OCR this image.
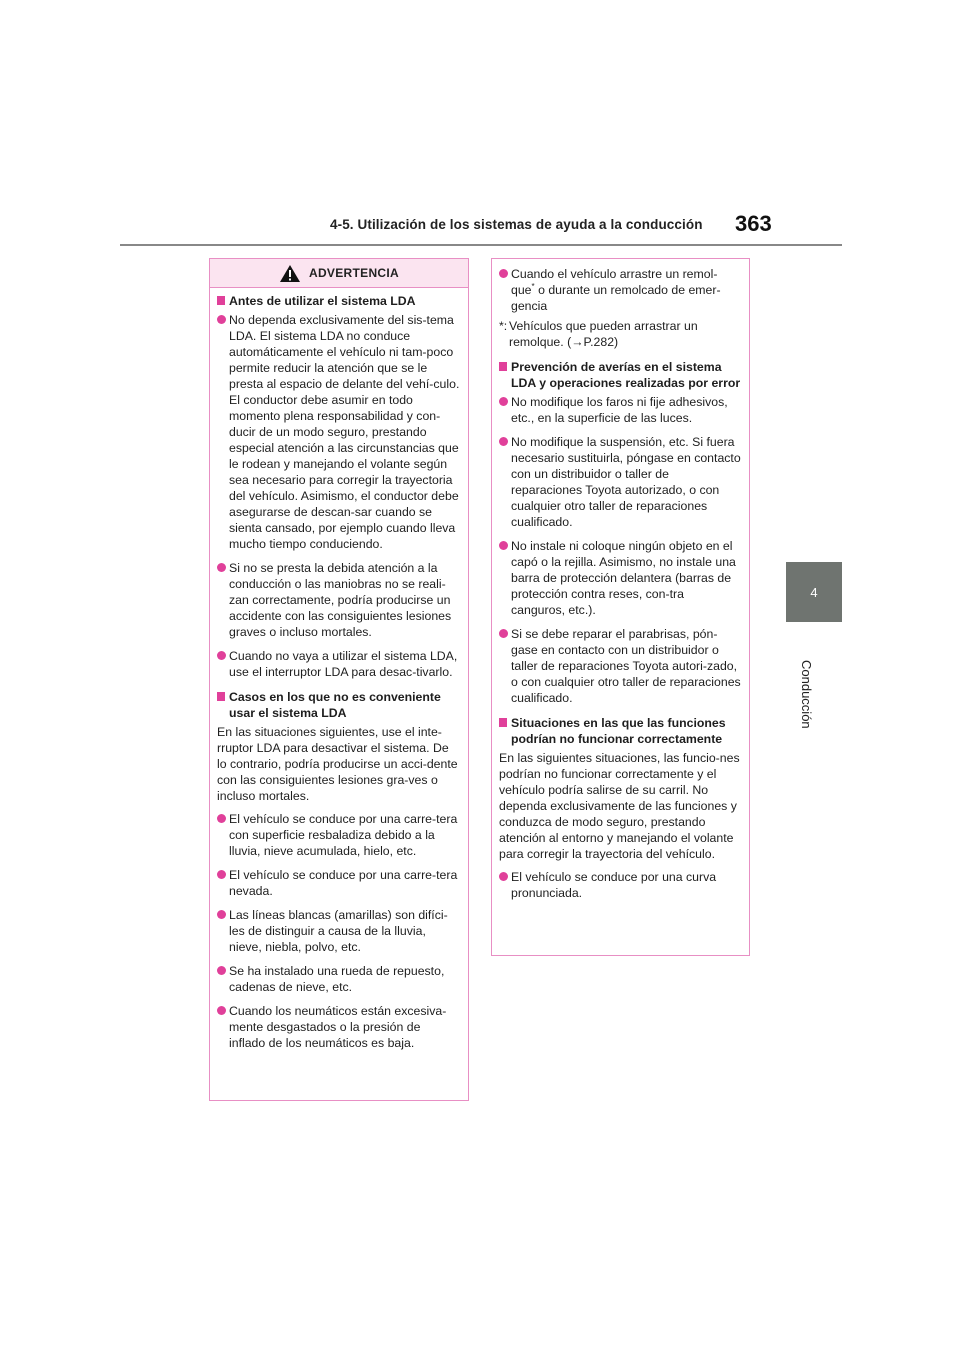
4-5. Utilización de los sistemas de ayuda a la conducción 363
4
Conducción
ADVERTENCIA
Antes de utilizar el sistema LDA
No dependa exclusivamente del sis-tema LDA. El sistema LDA no conduce automáticamente el vehículo ni tam-poco permite reducir la atención que se le presta al espacio de delante del vehí-culo. El conductor debe asumir en todo momento plena responsabilidad y con-ducir de un modo seguro, prestando especial atención a las circunstancias que le rodean y manejando el volante según sea necesario para corregir la trayectoria del vehículo. Asimismo, el conductor debe asegurarse de descan-sar cuando se sienta cansado, por ejemplo cuando lleva mucho tiempo conduciendo.
Si no se presta la debida atención a la conducción o las maniobras no se reali-zan correctamente, podría producirse un accidente con las consiguientes lesiones graves o incluso mortales.
Cuando no vaya a utilizar el sistema LDA, use el interruptor LDA para desac-tivarlo.
Casos en los que no es conveniente usar el sistema LDA
En las situaciones siguientes, use el inte-rruptor LDA para desactivar el sistema. De lo contrario, podría producirse un acci-dente con las consiguientes lesiones gra-ves o incluso mortales.
El vehículo se conduce por una carre-tera con superficie resbaladiza debido a la lluvia, nieve acumulada, hielo, etc.
El vehículo se conduce por una carre-tera nevada.
Las líneas blancas (amarillas) son difíci-les de distinguir a causa de la lluvia, nieve, niebla, polvo, etc.
Se ha instalado una rueda de repuesto, cadenas de nieve, etc.
Cuando los neumáticos están excesiva-mente desgastados o la presión de inflado de los neumáticos es baja.
Cuando el vehículo arrastre un remol-que* o durante un remolcado de emer-gencia
*: Vehículos que pueden arrastrar un remolque. (→P.282)
Prevención de averías en el sistema LDA y operaciones realizadas por error
No modifique los faros ni fije adhesivos, etc., en la superficie de las luces.
No modifique la suspensión, etc. Si fuera necesario sustituirla, póngase en contacto con un distribuidor o taller de reparaciones Toyota autorizado, o con cualquier otro taller de reparaciones cualificado.
No instale ni coloque ningún objeto en el capó o la rejilla. Asimismo, no instale una barra de protección delantera (barras de protección contra reses, con-tra canguros, etc.).
Si se debe reparar el parabrisas, pón-gase en contacto con un distribuidor o taller de reparaciones Toyota autori-zado, o con cualquier otro taller de reparaciones cualificado.
Situaciones en las que las funciones podrían no funcionar correctamente
En las siguientes situaciones, las funcio-nes podrían no funcionar correctamente y el vehículo podría salirse de su carril. No dependa exclusivamente de las funciones y conduzca de modo seguro, prestando atención al entorno y manejando el volante para corregir la trayectoria del vehículo.
El vehículo se conduce por una curva pronunciada.
